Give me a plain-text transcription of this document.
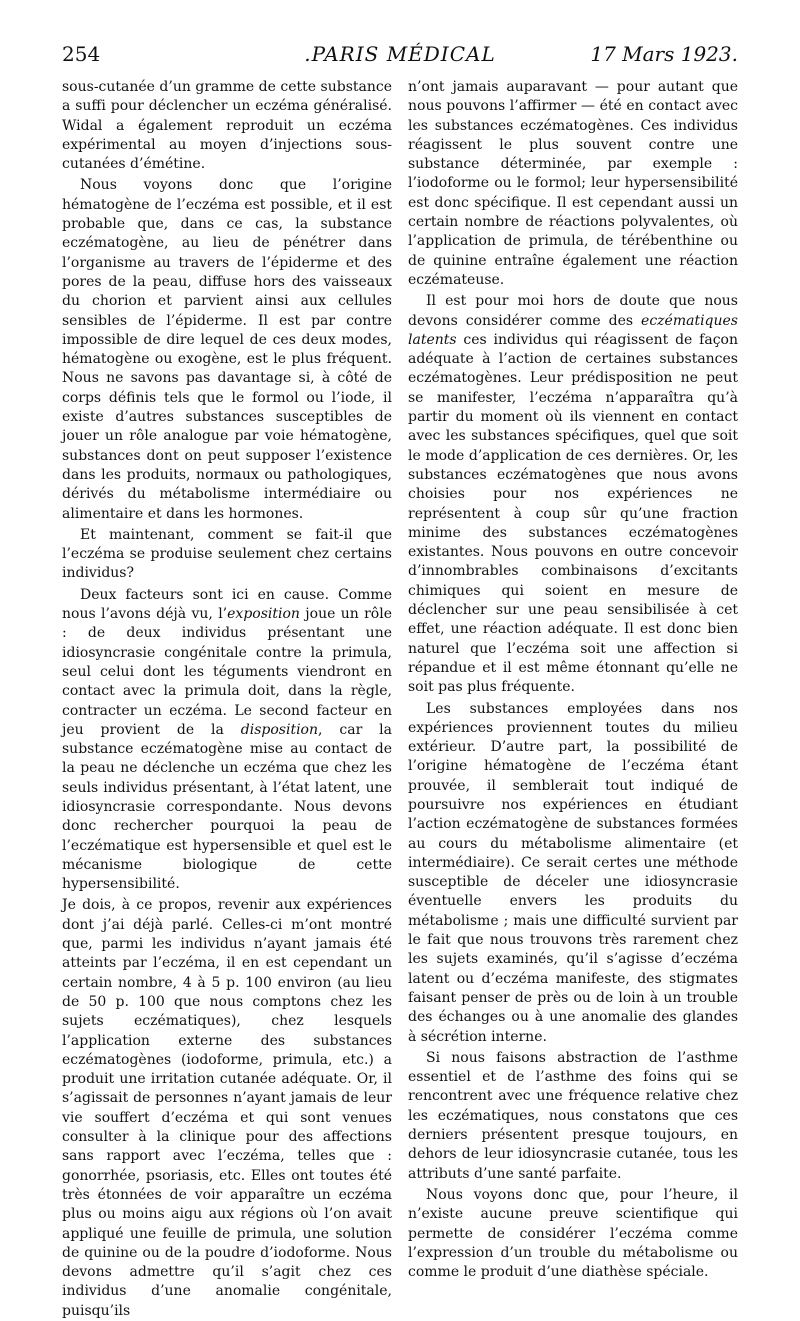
254	.PARIS MÉDICAL	17 Mars 1923.

sous-cutanée d’un gramme de cette substance a suffi pour déclencher un eczéma généralisé. Widal a également reproduit un eczéma expérimental au moyen d’injections sous-cutanées d’émétine.

Nous voyons donc que l’origine hématogène de l’eczéma est possible, et il est probable que, dans ce cas, la substance eczématogène, au lieu de pénétrer dans l’organisme au travers de l’épiderme et des pores de la peau, diffuse hors des vaisseaux du chorion et parvient ainsi aux cellules sensibles de l’épiderme. Il est par contre impossible de dire lequel de ces deux modes, hématogène ou exogène, est le plus fréquent. Nous ne savons pas davantage si, à côté de corps définis tels que le formol ou l’iode, il existe d’autres substances susceptibles de jouer un rôle analogue par voie hématogène, substances dont on peut supposer l’existence dans les produits, normaux ou pathologiques, dérivés du métabolisme intermédiaire ou alimentaire et dans les hormones.

Et maintenant, comment se fait-il que l’eczéma se produise seulement chez certains individus?

Deux facteurs sont ici en cause. Comme nous l’avons déjà vu, l’exposition joue un rôle : de deux individus présentant une idiosyncrasie congénitale contre la primula, seul celui dont les téguments viendront en contact avec la primula doit, dans la règle, contracter un eczéma. Le second facteur en jeu provient de la disposition, car la substance eczématogène mise au contact de la peau ne déclenche un eczéma que chez les seuls individus présentant, à l’état latent, une idiosyncrasie correspondante. Nous devons donc rechercher pourquoi la peau de l’eczématique est hypersensible et quel est le mécanisme biologique de cette hypersensibilité.

Je dois, à ce propos, revenir aux expériences dont j’ai déjà parlé. Celles-ci m’ont montré que, parmi les individus n’ayant jamais été atteints par l’eczéma, il en est cependant un certain nombre, 4 à 5 p. 100 environ (au lieu de 50 p. 100 que nous comptons chez les sujets eczématiques), chez lesquels l’application externe des substances eczématogènes (iodoforme, primula, etc.) a produit une irritation cutanée adéquate. Or, il s’agissait de personnes n’ayant jamais de leur vie souffert d’eczéma et qui sont venues consulter à la clinique pour des affections sans rapport avec l’eczéma, telles que : gonorrhée, psoriasis, etc. Elles ont toutes été très étonnées de voir apparaître un eczéma plus ou moins aigu aux régions où l’on avait appliqué une feuille de primula, une solution de quinine ou de la poudre d’iodoforme. Nous devons admettre qu’il s’agit chez ces individus d’une anomalie congénitale, puisqu’ils

n’ont jamais auparavant — pour autant que nous pouvons l’affirmer — été en contact avec les substances eczématogènes. Ces individus réagissent le plus souvent contre une substance déterminée, par exemple : l’iodoforme ou le formol; leur hypersensibilité est donc spécifique. Il est cependant aussi un certain nombre de réactions polyvalentes, où l’application de primula, de térébenthine ou de quinine entraîne également une réaction eczémateuse.

Il est pour moi hors de doute que nous devons considérer comme des eczématiques latents ces individus qui réagissent de façon adéquate à l’action de certaines substances eczématogènes. Leur prédisposition ne peut se manifester, l’eczéma n’apparaîtra qu’à partir du moment où ils viennent en contact avec les substances spécifiques, quel que soit le mode d’application de ces dernières. Or, les substances eczématogènes que nous avons choisies pour nos expériences ne représentent à coup sûr qu’une fraction minime des substances eczématogènes existantes. Nous pouvons en outre concevoir d’innombrables combinaisons d’excitants chimiques qui soient en mesure de déclencher sur une peau sensibilisée à cet effet, une réaction adéquate. Il est donc bien naturel que l’eczéma soit une affection si répandue et il est même étonnant qu’elle ne soit pas plus fréquente.

Les substances employées dans nos expériences proviennent toutes du milieu extérieur. D’autre part, la possibilité de l’origine hématogène de l’eczéma étant prouvée, il semblerait tout indiqué de poursuivre nos expériences en étudiant l’action eczématogène de substances formées au cours du métabolisme alimentaire (et intermédiaire). Ce serait certes une méthode susceptible de déceler une idiosyncrasie éventuelle envers les produits du métabolisme ; mais une difficulté survient par le fait que nous trouvons très rarement chez les sujets examinés, qu’il s’agisse d’eczéma latent ou d’eczéma manifeste, des stigmates faisant penser de près ou de loin à un trouble des échanges ou à une anomalie des glandes à sécrétion interne.

Si nous faisons abstraction de l’asthme essentiel et de l’asthme des foins qui se rencontrent avec une fréquence relative chez les eczématiques, nous constatons que ces derniers présentent presque toujours, en dehors de leur idiosyncrasie cutanée, tous les attributs d’une santé parfaite.

Nous voyons donc que, pour l’heure, il n’existe aucune preuve scientifique qui permette de considérer l’eczéma comme l’expression d’un trouble du métabolisme ou comme le produit d’une diathèse spéciale.
